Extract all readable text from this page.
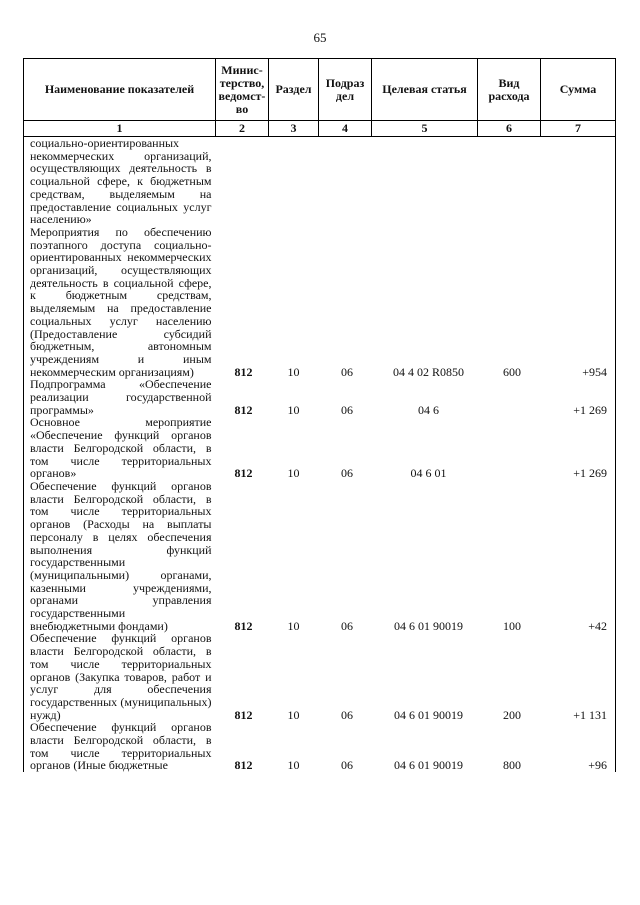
65
Наименование показателей	Минис-терство, ведомст-во	Раздел	Подраз дел	Целевая статья	Вид расхода	Сумма
1	2	3	4	5	6	7
социально-ориентированных некоммерческих организаций, осуществляющих деятельность в социальной сфере, к бюджетным средствам, выделяемым на предоставление социальных услуг населению»						
Мероприятия по обеспечению поэтапного доступа социально-ориентированных некоммерческих организаций, осуществляющих деятельность в социальной сфере, к бюджетным средствам, выделяемым на предоставление социальных услуг населению (Предоставление субсидий бюджетным, автономным учреждениям и иным некоммерческим организациям)	812	10	06	04 4 02 R0850	600	+954
Подпрограмма «Обеспечение реализации государственной программы»	812	10	06	04 6		+1 269
Основное мероприятие «Обеспечение функций органов власти Белгородской области, в том числе территориальных органов»	812	10	06	04 6 01		+1 269
Обеспечение функций органов власти Белгородской области, в том числе территориальных органов (Расходы на выплаты персоналу в целях обеспечения выполнения функций государственными (муниципальными) органами, казенными учреждениями, органами управления государственными внебюджетными фондами)	812	10	06	04 6 01 90019	100	+42
Обеспечение функций органов власти Белгородской области, в том числе территориальных органов (Закупка товаров, работ и услуг для обеспечения государственных (муниципальных) нужд)	812	10	06	04 6 01 90019	200	+1 131
Обеспечение функций органов власти Белгородской области, в том числе территориальных органов (Иные бюджетные	812	10	06	04 6 01 90019	800	+96
